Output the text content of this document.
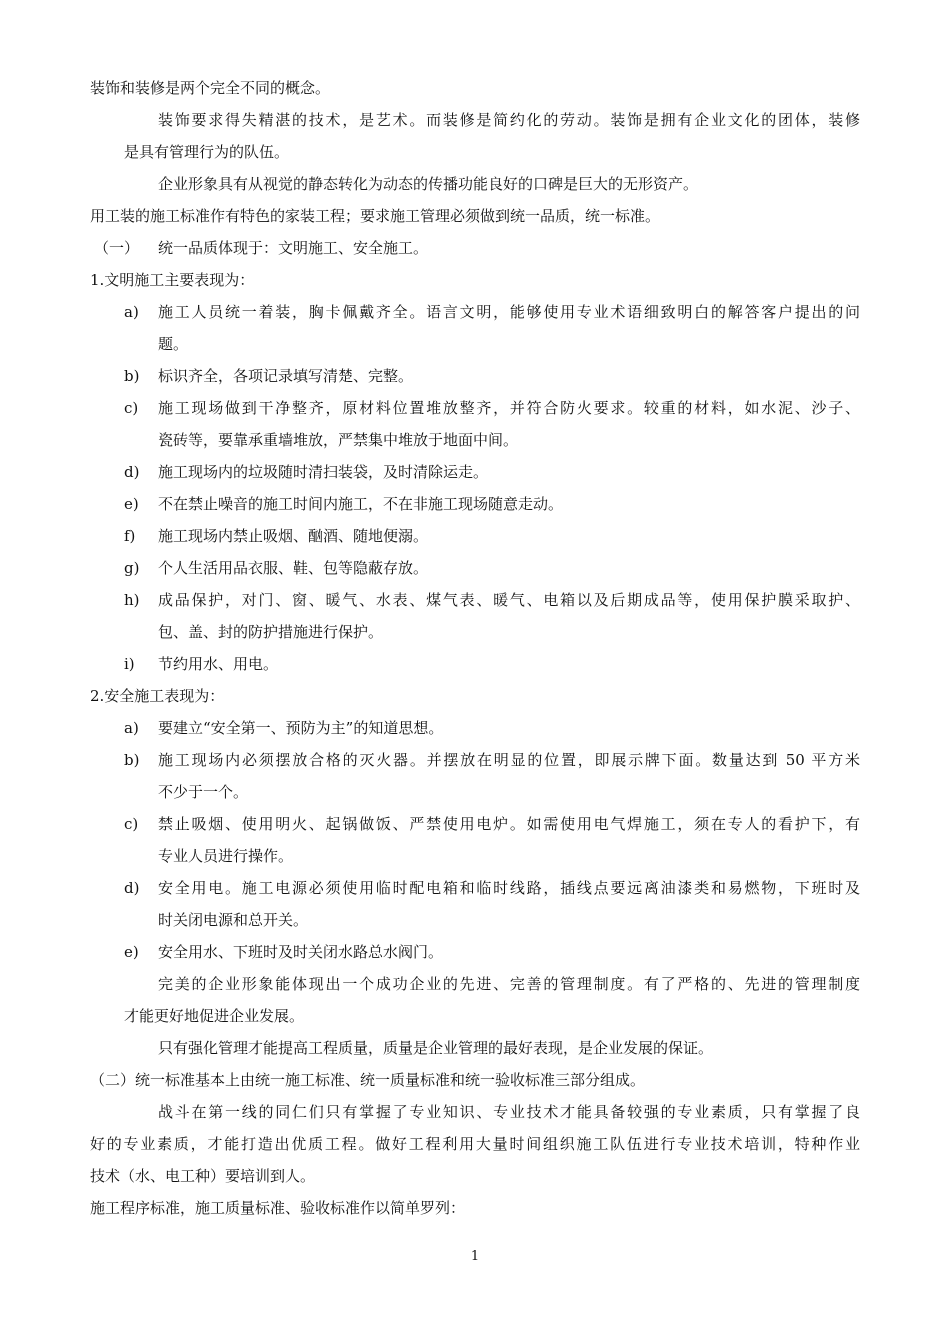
装饰和装修是两个完全不同的概念。
装饰要求得失精湛的技术，是艺术。而装修是简约化的劳动。装饰是拥有企业文化的团体，装修
是具有管理行为的队伍。
企业形象具有从视觉的静态转化为动态的传播功能良好的口碑是巨大的无形资产。
用工装的施工标准作有特色的家装工程；要求施工管理必须做到统一品质，统一标准。
（一） 统一品质体现于：文明施工、安全施工。
1.文明施工主要表现为：
a) 施工人员统一着装，胸卡佩戴齐全。语言文明，能够使用专业术语细致明白的解答客户提出的问
题。
b) 标识齐全，各项记录填写清楚、完整。
c) 施工现场做到干净整齐，原材料位置堆放整齐，并符合防火要求。较重的材料，如水泥、沙子、
瓷砖等，要靠承重墙堆放，严禁集中堆放于地面中间。
d) 施工现场内的垃圾随时清扫装袋，及时清除运走。
e) 不在禁止噪音的施工时间内施工，不在非施工现场随意走动。
f) 施工现场内禁止吸烟、酗酒、随地便溺。
g) 个人生活用品衣服、鞋、包等隐蔽存放。
h) 成品保护，对门、窗、暖气、水表、煤气表、暖气、电箱以及后期成品等，使用保护膜采取护、
包、盖、封的防护措施进行保护。
i) 节约用水、用电。
2.安全施工表现为：
a) 要建立“安全第一、预防为主”的知道思想。
b) 施工现场内必须摆放合格的灭火器。并摆放在明显的位置，即展示牌下面。数量达到 50 平方米
不少于一个。
c) 禁止吸烟、使用明火、起锅做饭、严禁使用电炉。如需使用电气焊施工，须在专人的看护下，有
专业人员进行操作。
d) 安全用电。施工电源必须使用临时配电箱和临时线路，插线点要远离油漆类和易燃物，下班时及
时关闭电源和总开关。
e) 安全用水、下班时及时关闭水路总水阀门。
完美的企业形象能体现出一个成功企业的先进、完善的管理制度。有了严格的、先进的管理制度
才能更好地促进企业发展。
只有强化管理才能提高工程质量，质量是企业管理的最好表现，是企业发展的保证。
（二）统一标准基本上由统一施工标准、统一质量标准和统一验收标准三部分组成。
战斗在第一线的同仁们只有掌握了专业知识、专业技术才能具备较强的专业素质，只有掌握了良
好的专业素质，才能打造出优质工程。做好工程利用大量时间组织施工队伍进行专业技术培训，特种作业
技术（水、电工种）要培训到人。
施工程序标准，施工质量标准、验收标准作以简单罗列：
1
